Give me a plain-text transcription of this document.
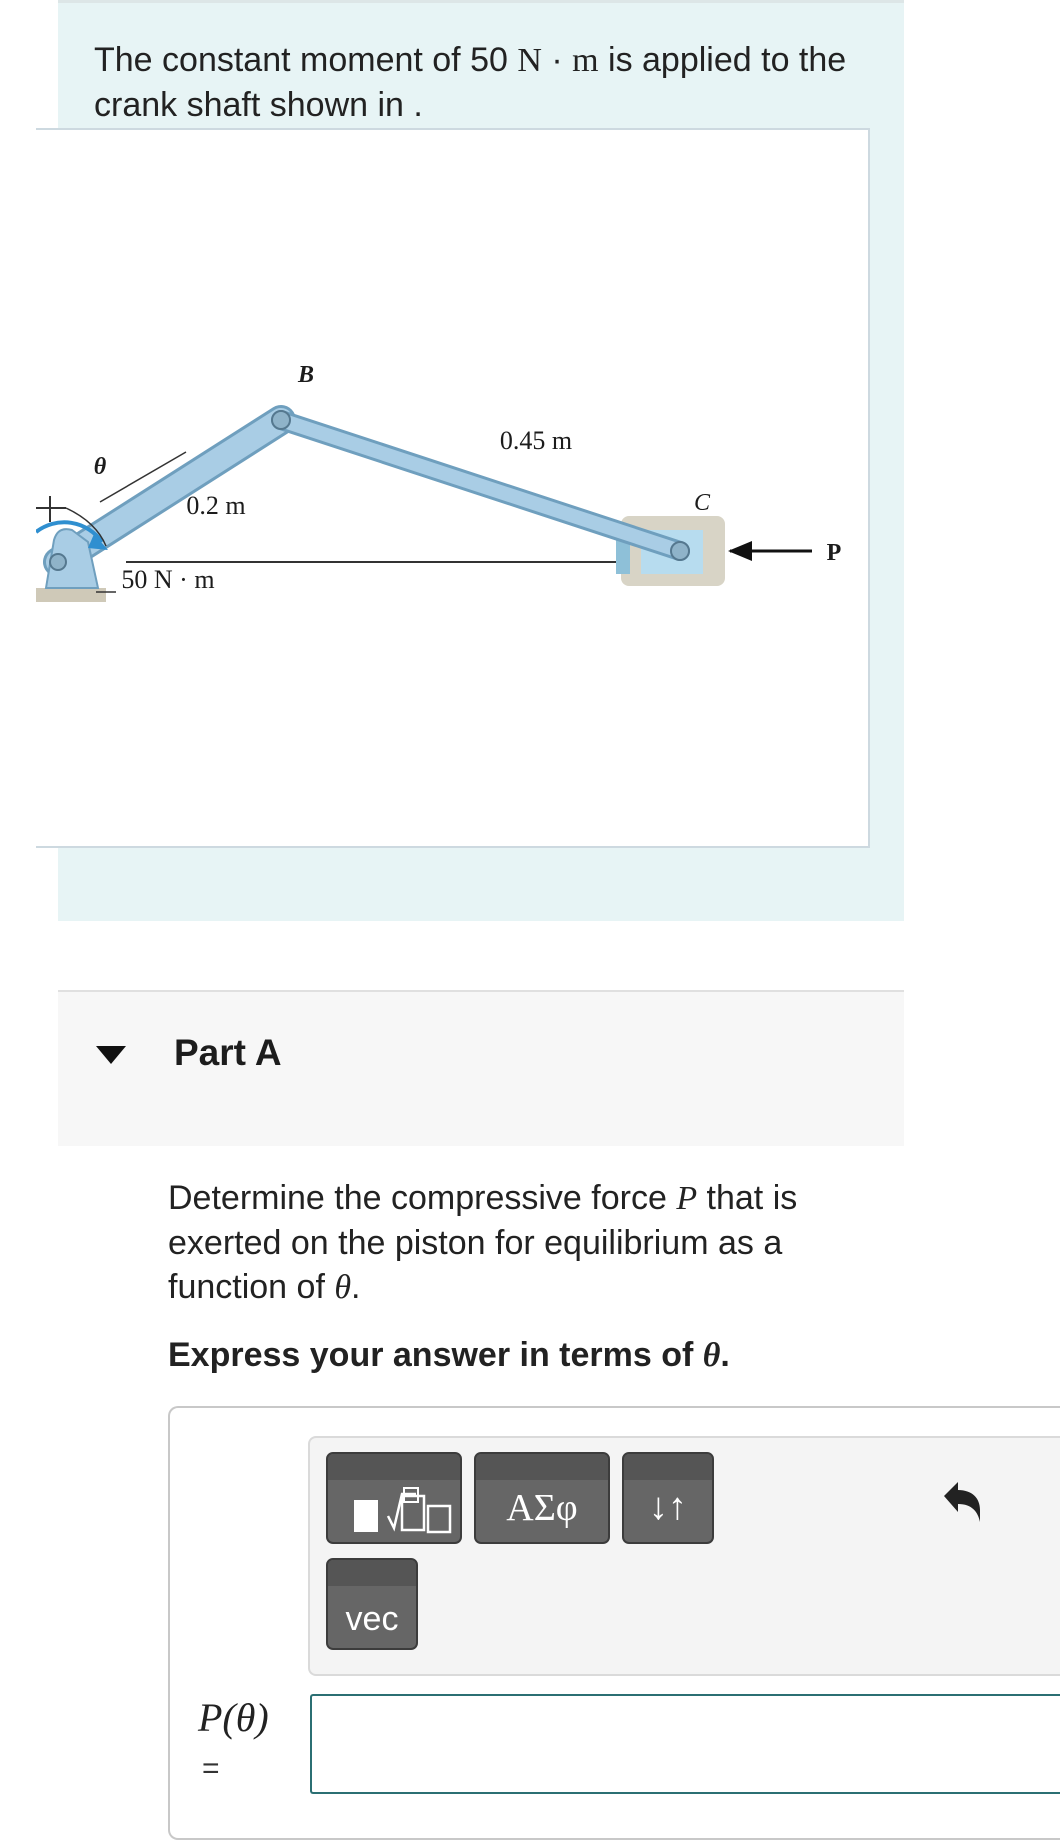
The constant moment of 50 N · m is applied to the crank shaft shown in .
B
θ
0.2 m
0.45 m
C
P
50 N · m
Part A
Determine the compressive force P that is exerted on the piston for equilibrium as a function of θ.
Express your answer in terms of θ.
ΑΣφ	↓↑
vec
P(θ)
=
